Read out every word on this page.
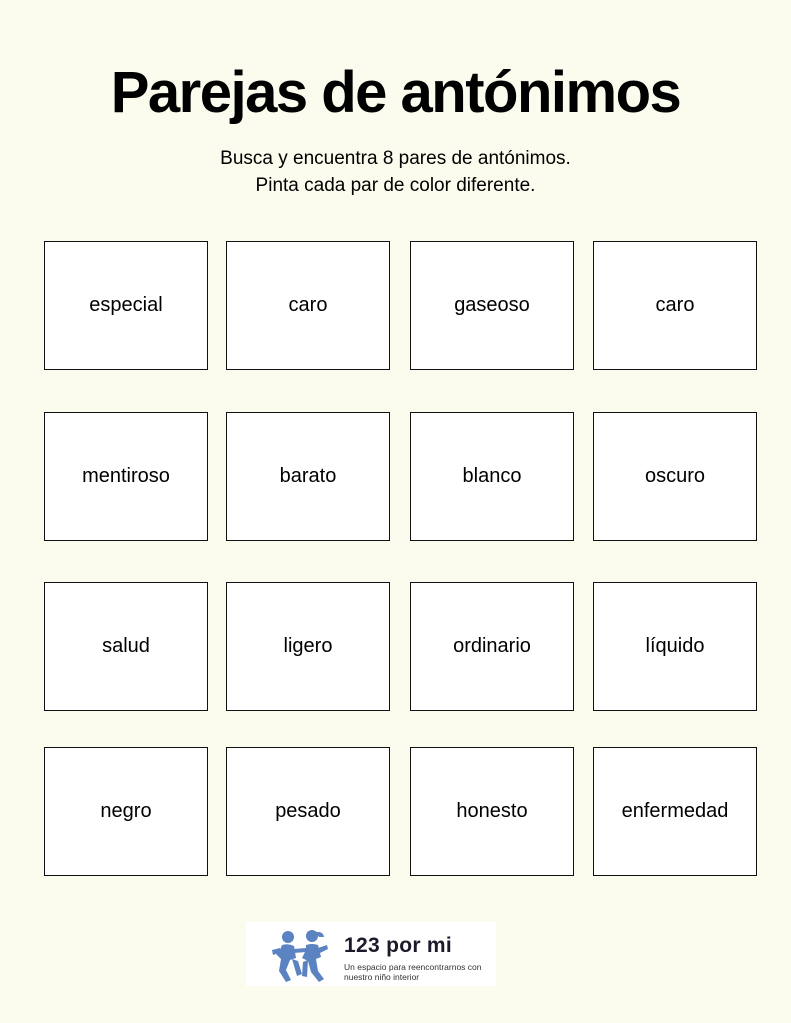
Parejas de antónimos
Busca y encuentra 8 pares de antónimos.
Pinta cada par de color diferente.
especial	caro	gaseoso	caro
mentiroso	barato	blanco	oscuro
salud	ligero	ordinario	líquido
negro	pesado	honesto	enfermedad
123 por mi
Un espacio para reencontrarnos con nuestro niño interior
